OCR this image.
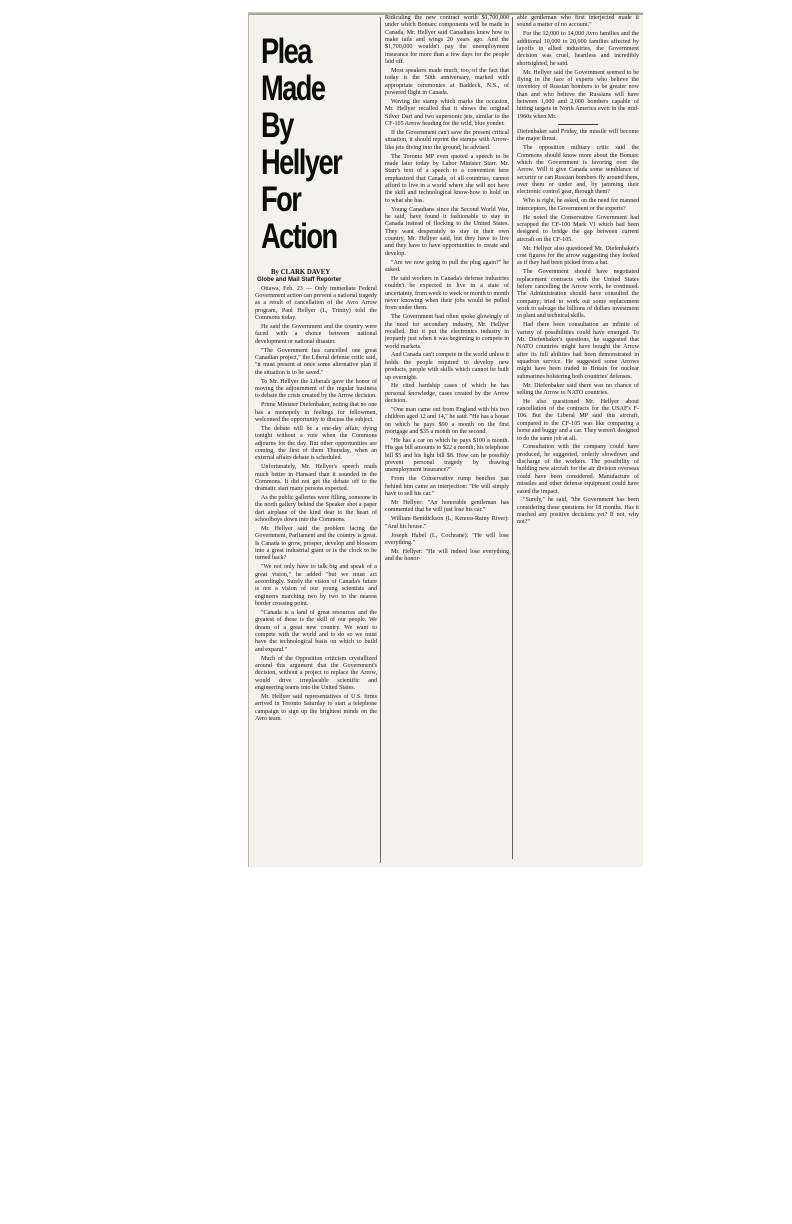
Plea Made
By Hellyer
For Action
By CLARK DAVEY
Globe and Mail Staff Reporter

Ottawa, Feb. 23 — Only immediate Federal Government action can prevent a national tragedy as a result of cancellation of the Avro Arrow program, Paul Hellyer (L, Trinity) told the Commons today.

He said the Government and the country were faced with a choice between national development or national disaster.

"The Government has cancelled one great Canadian project," the Liberal defense critic said, "it must present at once some alternative plan if the situation is to be saved."

To Mr. Hellyer the Liberals gave the honor of moving the adjournment of the regular business to debate the crisis created by the Arrow decision.

Prime Minister Diefenbaker, noting that no one has a monopoly in feelings for fellowmen, welcomed the opportunity to discuss the subject.

The debate will be a one-day affair, dying tonight without a vote when the Commons adjourns for the day. But other opportunities are coming, the first of them Thursday, when an external affairs debate is scheduled.

Unfortunately, Mr. Hellyer's speech reads much better in Hansard than it sounded in the Commons. It did not get the debate off to the dramatic start many persons expected.

As the public galleries were filling, someone in the north gallery behind the Speaker shot a paper dart airplane of the kind dear to the heart of schoolboys down into the Commons.

Mr. Hellyer said the problem facing the Government, Parliament and the country is great. Is Canada to grow, prosper, develop and blossom into a great industrial giant or is the clock to be turned back?

"We not only have to talk big and speak of a great vision," he added "but we must act accordingly. Surely the vision of Canada's future is not a vision of our young scientists and engineers marching two by two to the nearest border crossing point.

"Canada is a land of great resources and the greatest of these is the skill of our people. We dream of a great new country. We want to compete with the world and to do so we must have the technological basis on which to build and expand."

Much of the Opposition criticism crystallized around this argument that the Government's decision, without a project to replace the Arrow, would drive irreplacable scientific and engineering teams into the United States.

Mr. Hellyer said representatives of U.S. firms arrived in Toronto Saturday to start a telephone campaign to sign up the brightest minds on the Avro team.

Ridiculing the new contract worth $1,700,000 under which Bomarc components will be made in Canada, Mr. Hellyer said Canadians knew how to make tails and wings 20 years ago. And the $1,700,000 wouldn't pay the unemployment insurance for more than a few days for the people laid off.

Most speakers made much, too, of the fact that today is the 50th anniversary, marked with appropriate ceremonies at Baddeck, N.S., of powered flight in Canada.

Waving the stamp which marks the occasion, Mr. Hellyer recalled that it shows the original Silver Dart and two supersonic jets, similar to the CF-105 Arrow heading for the wild, blue yonder.

If the Government can't save the present critical situation, it should reprint the stamps with Arrow-like jets diving into the ground, he advised.

The Toronto MP even quoted a speech to be made later today by Labor Minister Starr. Mr. Starr's text of a speech to a convention here emphasized that Canada, of all countries, cannot afford to live in a world where she will not have the skill and technological know-how to hold on to what she has.

Young Canadians since the Second World War, he said, have found it fashionable to stay in Canada instead of flocking to the United States. They want desperately to stay in their own country, Mr. Hellyer said, but they have to live and they have to have opportunities to create and develop.

"Are we now going to pull the plug again?" he asked.

He said workers in Canada's defense industries couldn't be expected to live in a state of uncertainty, from week to week or month to month never knowing when their jobs would be pulled from under them.

The Government had often spoke glowingly of the need for secondary industry, Mr. Hellyer recalled. But it put the electronics industry in jeopardy just when it was beginning to compete in world markets.

And Canada can't compete in the world unless it holds the people required to develop new products, people with skills which cannot be built up overnight.

He cited hardship cases of which he has personal knowledge, cases created by the Arrow decision.

"One man came out from England with his two children aged 12 and 14," he said. "He has a house on which he pays $90 a month on the first mortgage and $35 a month on the second.

"He has a car on which he pays $100 a month. His gas bill amounts to $22 a month; his telephone bill $5 and his light bill $8. How can he possibly prevent personal tragedy by drawing unemployment insurance?"

From the Conservative rump benches just behind him came an interjection: "He will simply have to sell his car."

Mr Hellyer: "An honorable gentleman has commented that he will just lose his car."

William Benidickson (L, Kenora-Rainy River): "And his house."

Joseph Habel (L, Cochrane): "He will lose everything."

Mr. Hellyer: "He will indeed lose everything and the honor-

able gentleman who first interjected made it sound a matter of no account."

For the 12,000 to 14,000 Avro families and the additional 10,000 to 20,000 families affected by layoffs in allied industries, the Government decision was cruel, heartless and incredibly shortsighted, he said.

Mr. Hellyer said the Government seemed to be flying in the face of experts who believe the inventory of Russian bombers to be greater now than and who believe the Russians will have between 1,000 and 2,000 bombers capable of hitting targets in North America even in the mid-1960s when Mr.

Diefenbaker said Friday, the missile will become the major threat.

The opposition military critic said the Commons should know more about the Bomarc which the Government is favoring over the Arrow. Will it give Canada some semblance of security or can Russian bombers fly around them, over them or under and, by jamming their electronic control gear, through them?

Who is right, he asked, on the need for manned interceptors, the Government or the experts?

He noted the Conservative Government had scrapped the CF-100 Mark VI which had been designed to bridge the gap between current aircraft on the CF-105.

Mr. Hellyer also questioned Mr. Diefenbaker's cost figures for the arrow suggesting they looked as if they had been picked from a hat.

The Government should have negotiated replacement contracts with the United States before cancelling the Arrow work, he continued. The Administration should have consulted the company; tried to work out some replacement work to salvage the billions of dollars investment in plant and technical skills.

Had there been consultation an infinite of variety of possibilities could have emerged. To Mr. Diefenbaker's questions, he suggested that NATO countries might have bought the Arrow after its full abilities had been demonstrated in squadron service. He suggested some Arrows might have been traded to Britain for nuclear submarines bolstering both countries' defenses.

Mr. Diefenbaker said there was no chance of selling the Arrow to NATO countries.

He also questioned Mr. Hellyer about cancellation of the contracts for the USAF's F-106. But the Liberal MP said this aircraft, compared to the CF-105 was like comparing a horse and buggy and a car. They weren't designed to do the same job at all.

Consultation with the company could have produced, he suggested, orderly slowdown and discharge of the workers. The possibility of building new aircraft for the air division overseas could have been considered. Manufacture of missiles and other defense equipment could have eased the impact.

"Surely," he said, "the Government has been considering these questions for 18 months. Has it reached any positive decisions yet? If not, why not?"
